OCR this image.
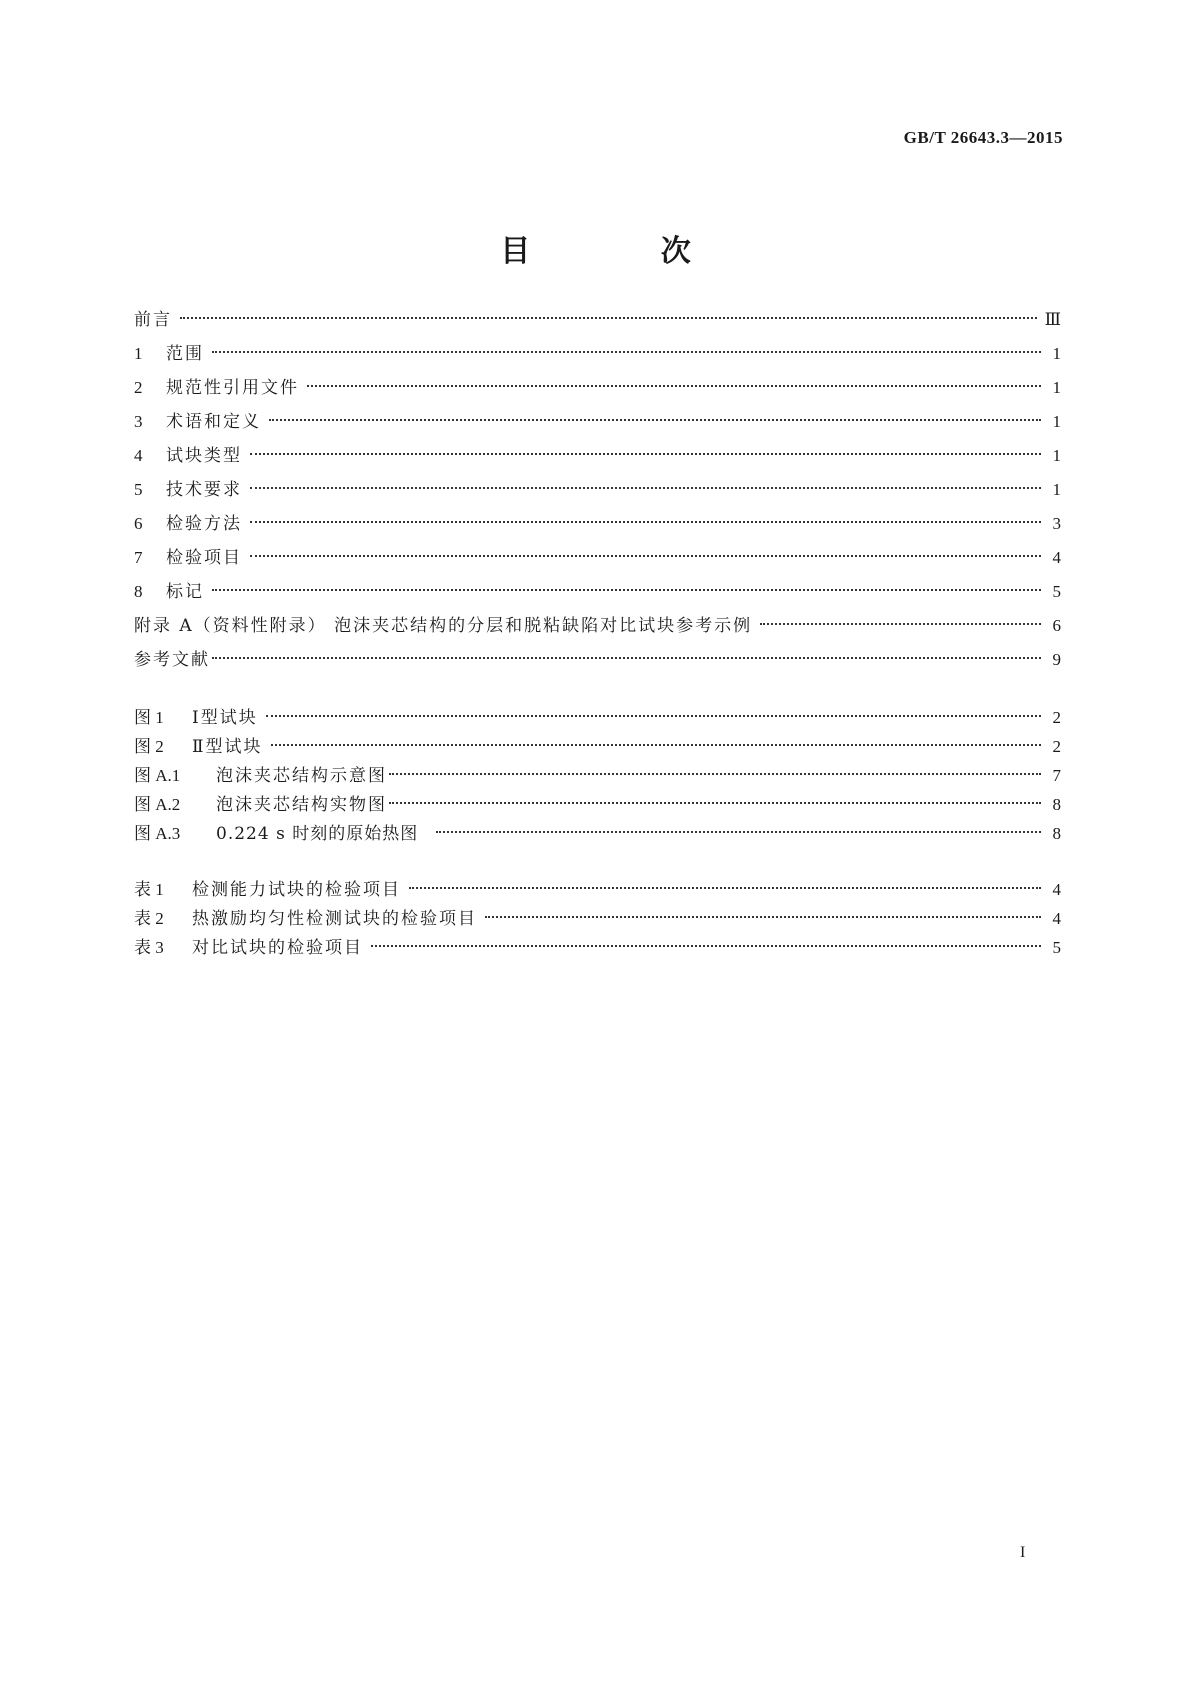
GB/T 26643.3—2015
目 次
前言	Ⅲ
1	范围	1
2	规范性引用文件	1
3	术语和定义	1
4	试块类型	1
5	技术要求	1
6	检验方法	3
7	检验项目	4
8	标记	5
附录 A（资料性附录） 泡沫夹芯结构的分层和脱粘缺陷对比试块参考示例	6
参考文献	9
图 1	Ⅰ型试块	2
图 2	Ⅱ型试块	2
图 A.1	泡沫夹芯结构示意图	7
图 A.2	泡沫夹芯结构实物图	8
图 A.3	0.224 s 时刻的原始热图	8
表 1	检测能力试块的检验项目	4
表 2	热激励均匀性检测试块的检验项目	4
表 3	对比试块的检验项目	5
I
